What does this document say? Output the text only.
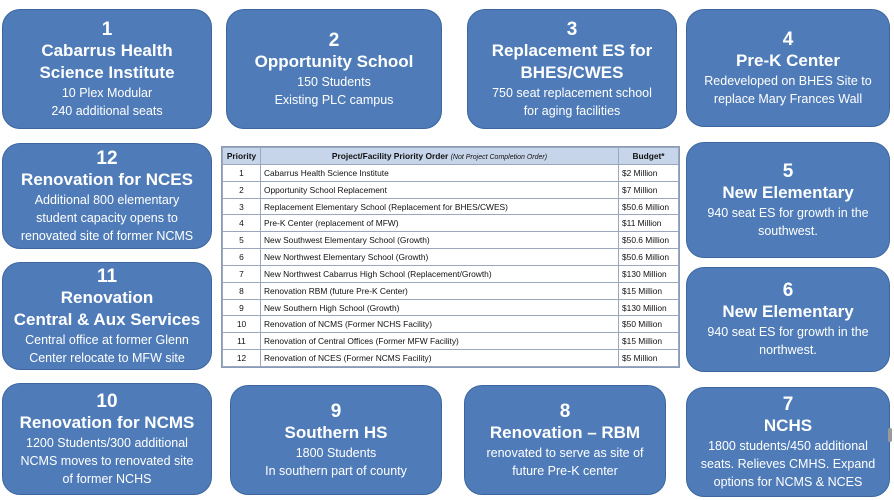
1
Cabarrus Health
Science Institute
10 Plex Modular
240 additional seats
2
Opportunity School
150 Students
Existing PLC campus
3
Replacement ES for
BHES/CWES
750 seat replacement school
for aging facilities
4
Pre-K Center
Redeveloped on BHES Site to
replace Mary Frances Wall
12
Renovation for NCES
Additional 800 elementary
student capacity opens to
renovated site of former NCMS
11
Renovation
Central & Aux Services
Central office at former Glenn
Center relocate to MFW site
5
New Elementary
940 seat ES for growth in the
southwest.
6
New Elementary
940 seat ES for growth in the
northwest.
10
Renovation for NCMS
1200 Students/300 additional
NCMS moves to renovated site
of former NCHS
9
Southern HS
1800 Students
In southern part of county
8
Renovation – RBM
renovated to serve as site of
future Pre-K center
7
NCHS
1800 students/450 additional
seats. Relieves CMHS. Expand
options for NCMS & NCES
Priority	Project/Facility Priority Order (Not Project Completion Order)	Budget*
1	Cabarrus Health Science Institute	$2 Million
2	Opportunity School Replacement	$7 Million
3	Replacement Elementary School (Replacement for BHES/CWES)	$50.6 Million
4	Pre-K Center (replacement of MFW)	$11 Million
5	New Southwest Elementary School (Growth)	$50.6 Million
6	New Northwest Elementary School (Growth)	$50.6 Million
7	New Northwest Cabarrus High School (Replacement/Growth)	$130 Million
8	Renovation RBM (future Pre-K Center)	$15 Million
9	New Southern High School (Growth)	$130 Million
10	Renovation of NCMS (Former NCHS Facility)	$50 Million
11	Renovation of Central Offices (Former MFW Facility)	$15 Million
12	Renovation of NCES (Former NCMS Facility)	$5 Million
